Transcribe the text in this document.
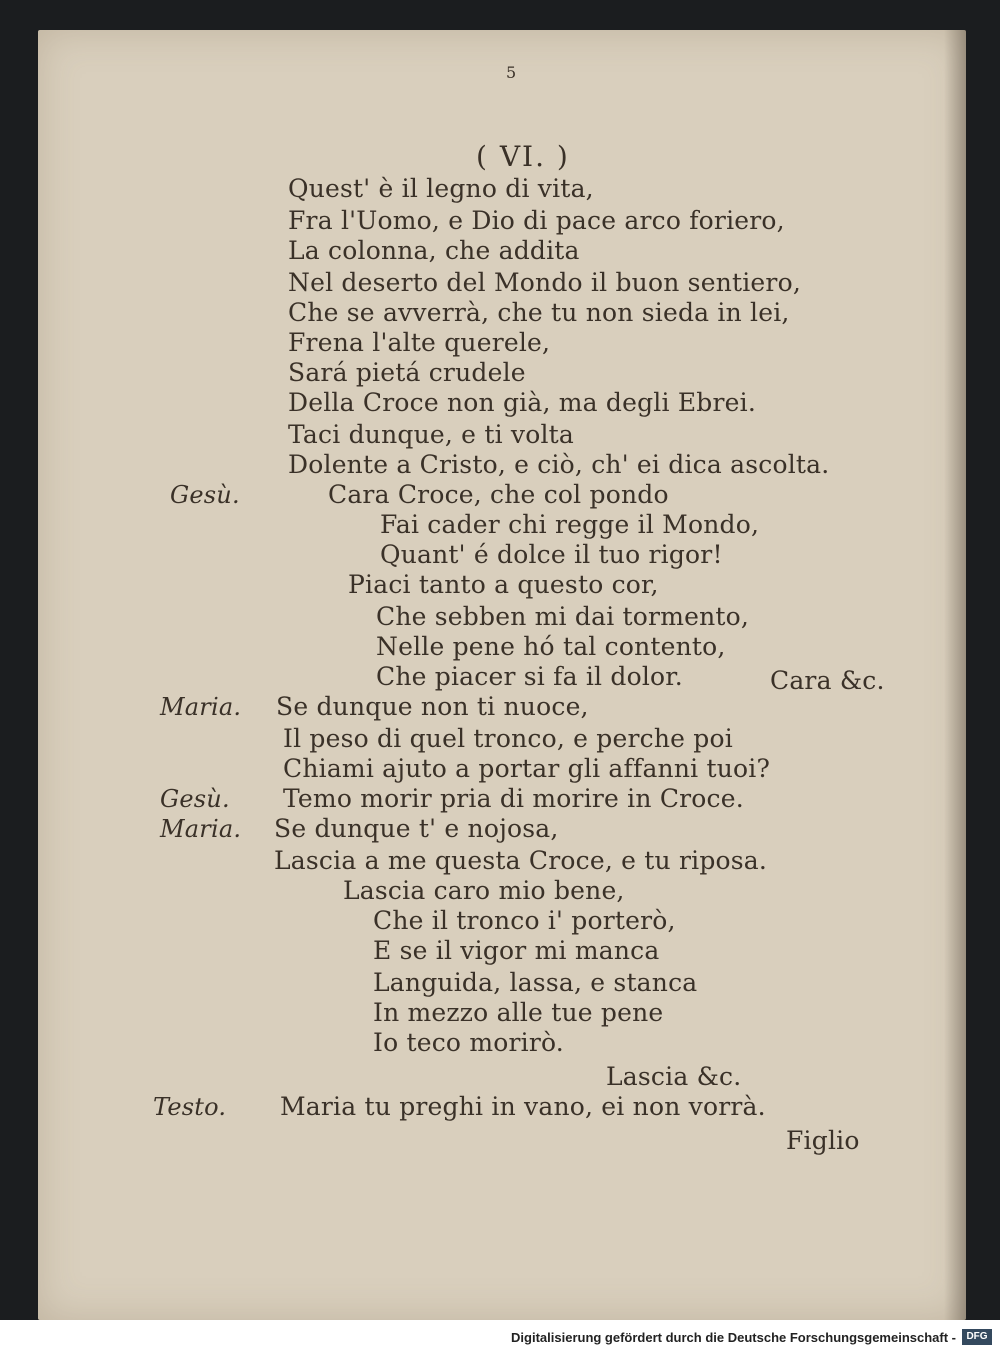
5
( VI. )
Quest' è il legno di vita,
Fra l'Uomo, e Dio di pace arco foriero,
La colonna, che addita
Nel deserto del Mondo il buon sentiero,
Che se avverrà, che tu non sieda in lei,
Frena l'alte querele,
Sará pietá crudele
Della Croce non già, ma degli Ebrei.
Taci dunque, e ti volta
Dolente a Cristo, e ciò, ch' ei dica ascolta.
Gesù.	Cara Croce, che col pondo
Fai cader chi regge il Mondo,
Quant' é dolce il tuo rigor!
Piaci tanto a questo cor,
Che sebben mi dai tormento,
Nelle pene hó tal contento,
Che piacer si fa il dolor.	Cara &c.
Maria. Se dunque non ti nuoce,
Il peso di quel tronco, e perche poi
Chiami ajuto a portar gli affanni tuoi?
Gesù. Temo morir pria di morire in Croce.
Maria. Se dunque t' e nojosa,
Lascia a me questa Croce, e tu riposa.
Lascia caro mio bene,
Che il tronco i' porterò,
E se il vigor mi manca
Languida, lassa, e stanca
In mezzo alle tue pene
Io teco morirò.
Lascia &c.
Testo. Maria tu preghi in vano, ei non vorrà.
Figlio
Digitalisierung gefördert durch die Deutsche Forschungsgemeinschaft -	DFG
